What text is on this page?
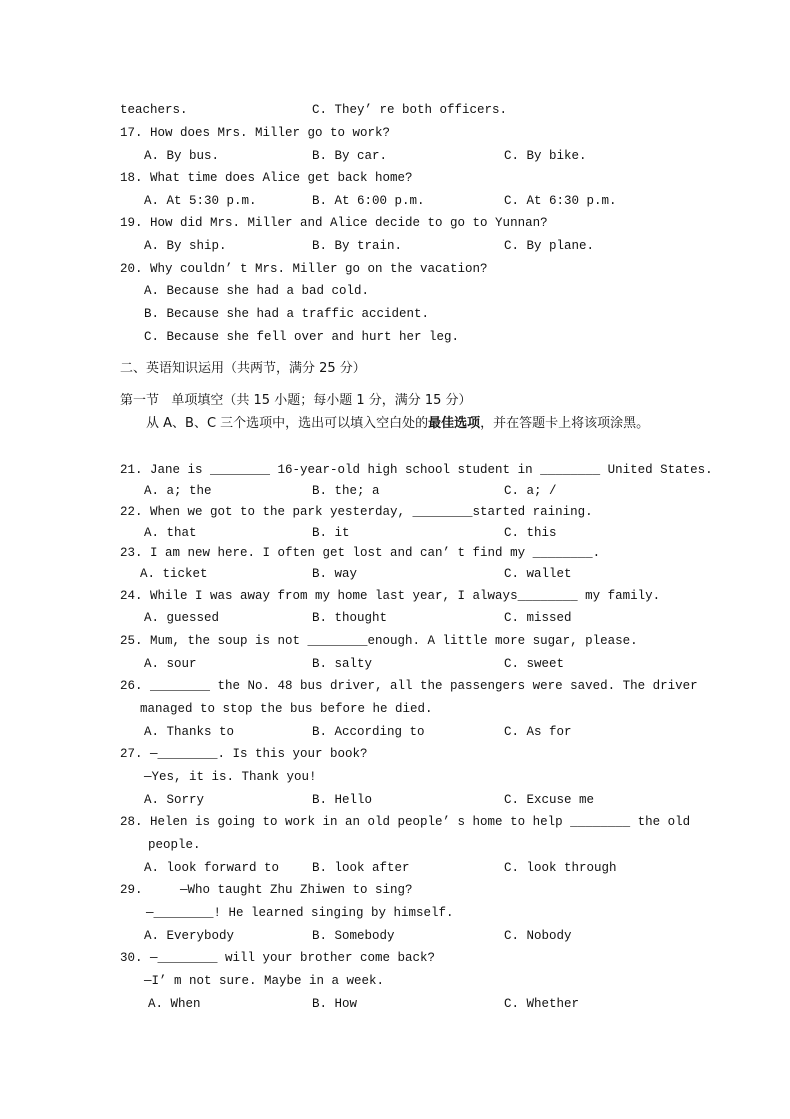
teachers.	C. They’ re both officers.
17. How does Mrs. Miller go to work?
A. By bus.	B. By car.	C. By bike.
18. What time does Alice get back home?
A. At 5:30 p.m.	B. At 6:00 p.m.	C. At 6:30 p.m.
19. How did Mrs. Miller and Alice decide to go to Yunnan?
A. By ship.	B. By train.	C. By plane.
20. Why couldn’ t Mrs. Miller go on the vacation?
A. Because she had a bad cold.
B. Because she had a traffic accident.
C. Because she fell over and hurt her leg.
二、英语知识运用（共两节，满分 25 分）
第一节   单项填空（共 15 小题；每小题 1 分，满分 15 分）
从 A、B、C 三个选项中，选出可以填入空白处的最佳选项，并在答题卡上将该项涂黑。
21. Jane is ________ 16-year-old high school student in ________ United States.
A. a; the	B. the; a	C. a; /
22. When we got to the park yesterday, ________started raining.
A. that	B. it	C. this
23. I am new here. I often get lost and can’ t find my ________.
A. ticket	B. way	C. wallet
24. While I was away from my home last year, I always________ my family.
A. guessed	B. thought	C. missed
25. Mum, the soup is not ________enough. A little more sugar, please.
A. sour	B. salty	C. sweet
26. ________ the No. 48 bus driver, all the passengers were saved. The driver
managed to stop the bus before he died.
A. Thanks to	B. According to	C. As for
27. —________. Is this your book?
—Yes, it is. Thank you!
A. Sorry	B. Hello	C. Excuse me
28. Helen is going to work in an old people’ s home to help ________ the old
people.
A. look forward to	B. look after	C. look through
29.     —Who taught Zhu Zhiwen to sing?
—________! He learned singing by himself.
A. Everybody	B. Somebody	C. Nobody
30. —________ will your brother come back?
—I’ m not sure. Maybe in a week.
A. When	B. How	C. Whether
